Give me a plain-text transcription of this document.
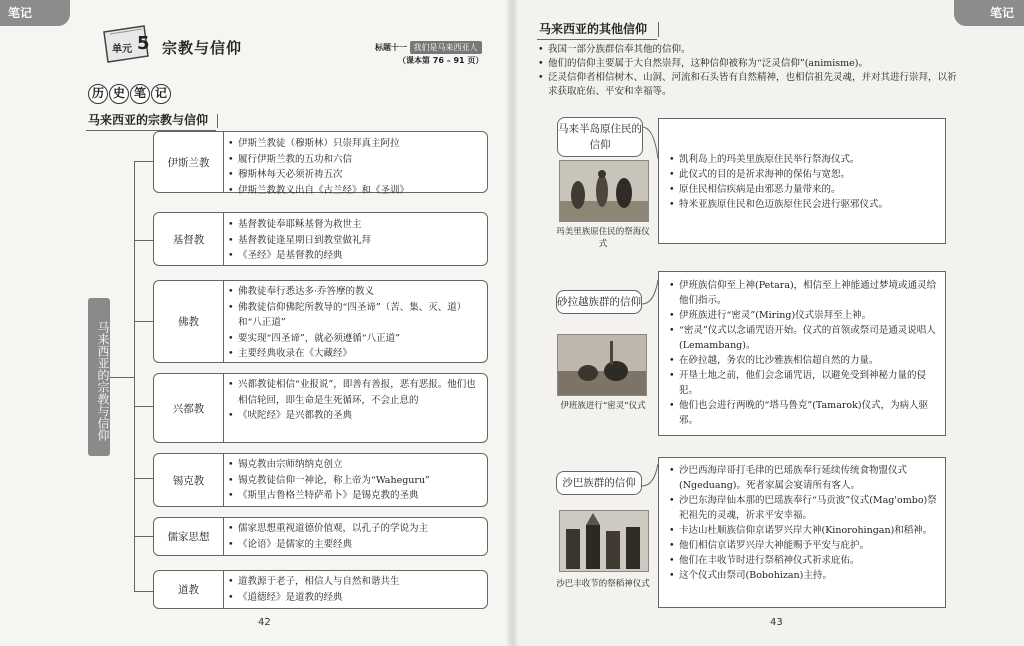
笔记
单元 5 宗教与信仰	标题十一 我们是马来西亚人
（课本第 76 – 91 页）
历 史 笔 记
马来西亚的宗教与信仰
马来西亚的宗教与信仰
伊斯兰教
• 伊斯兰教徒（穆斯林）只崇拜真主阿拉
• 履行伊斯兰教的五功和六信
• 穆斯林每天必须祈祷五次
• 伊斯兰教教义出自《古兰经》和《圣训》
基督教
• 基督教徒奉耶稣基督为救世主
• 基督教徒逢星期日到教堂做礼拜
• 《圣经》是基督教的经典
佛教
• 佛教徒奉行悉达多·乔答摩的教义
• 佛教徒信仰佛陀所教导的“四圣谛”（苦、集、灭、道）和“八正道”
• 要实现“四圣谛”，就必须遵循“八正道”
• 主要经典收录在《大藏经》
兴都教
• 兴都教徒相信“业报说”，即善有善报，恶有恶报。他们也相信轮回，即生命是生死循环，不会止息的
• 《吠陀经》是兴都教的圣典
锡克教
• 锡克教由宗师纳纳克创立
• 锡克教徒信仰一神论，称上帝为“Waheguru”
• 《斯里古鲁格兰特萨希卜》是锡克教的圣典
儒家思想
• 儒家思想重视道德价值观，以孔子的学说为主
• 《论语》是儒家的主要经典
道教
• 道教源于老子，相信人与自然和谐共生
• 《道德经》是道教的经典
42
笔记
43
马来西亚的其他信仰
• 我国一部分族群信奉其他的信仰。
• 他们的信仰主要属于大自然崇拜，这种信仰被称为“泛灵信仰”(animisme)。
• 泛灵信仰者相信树木、山洞、河流和石头皆有自然精神，也相信祖先灵魂，并对其进行崇拜，以祈求获取庇佑、平安和幸福等。
马来半岛原住民的信仰
玛美里族原住民的祭海仪式
• 凯利岛上的玛美里族原住民举行祭海仪式。
• 此仪式的目的是祈求海神的保佑与宽恕。
• 原住民相信疾病是由邪恶力量带来的。
• 特米亚族原住民和色迈族原住民会进行驱邪仪式。
砂拉越族群的信仰
伊班族进行“密灵”仪式
• 伊班族信仰至上神(Petara)，相信至上神能通过梦境或通灵给他们指示。
• 伊班族进行“密灵”(Miring)仪式崇拜至上神。
• “密灵”仪式以念诵咒语开始。仪式的首领或祭司是通灵说唱人(Lemambang)。
• 在砂拉越，务农的比沙雅族相信超自然的力量。
• 开垦土地之前，他们会念诵咒语，以避免受到神秘力量的侵犯。
• 他们也会进行两晚的“塔马鲁克”(Tamarok)仪式，为病人驱邪。
沙巴族群的信仰
沙巴丰收节的祭稻神仪式
• 沙巴西海岸哥打毛律的巴瑶族奉行延续传统食物盟仪式(Ngeduang)。死者家属会宴请所有客人。
• 沙巴东海岸仙本那的巴瑶族奉行“马贡波”仪式(Mag'ombo)祭祀祖先的灵魂，祈求平安幸福。
• 卡达山杜顺族信仰京诺罗兴岸大神(Kinorohingan)和稻神。
• 他们相信京诺罗兴岸大神能赐予平安与庇护。
• 他们在丰收节时进行祭稻神仪式祈求庇佑。
• 这个仪式由祭司(Bobohizan)主持。
